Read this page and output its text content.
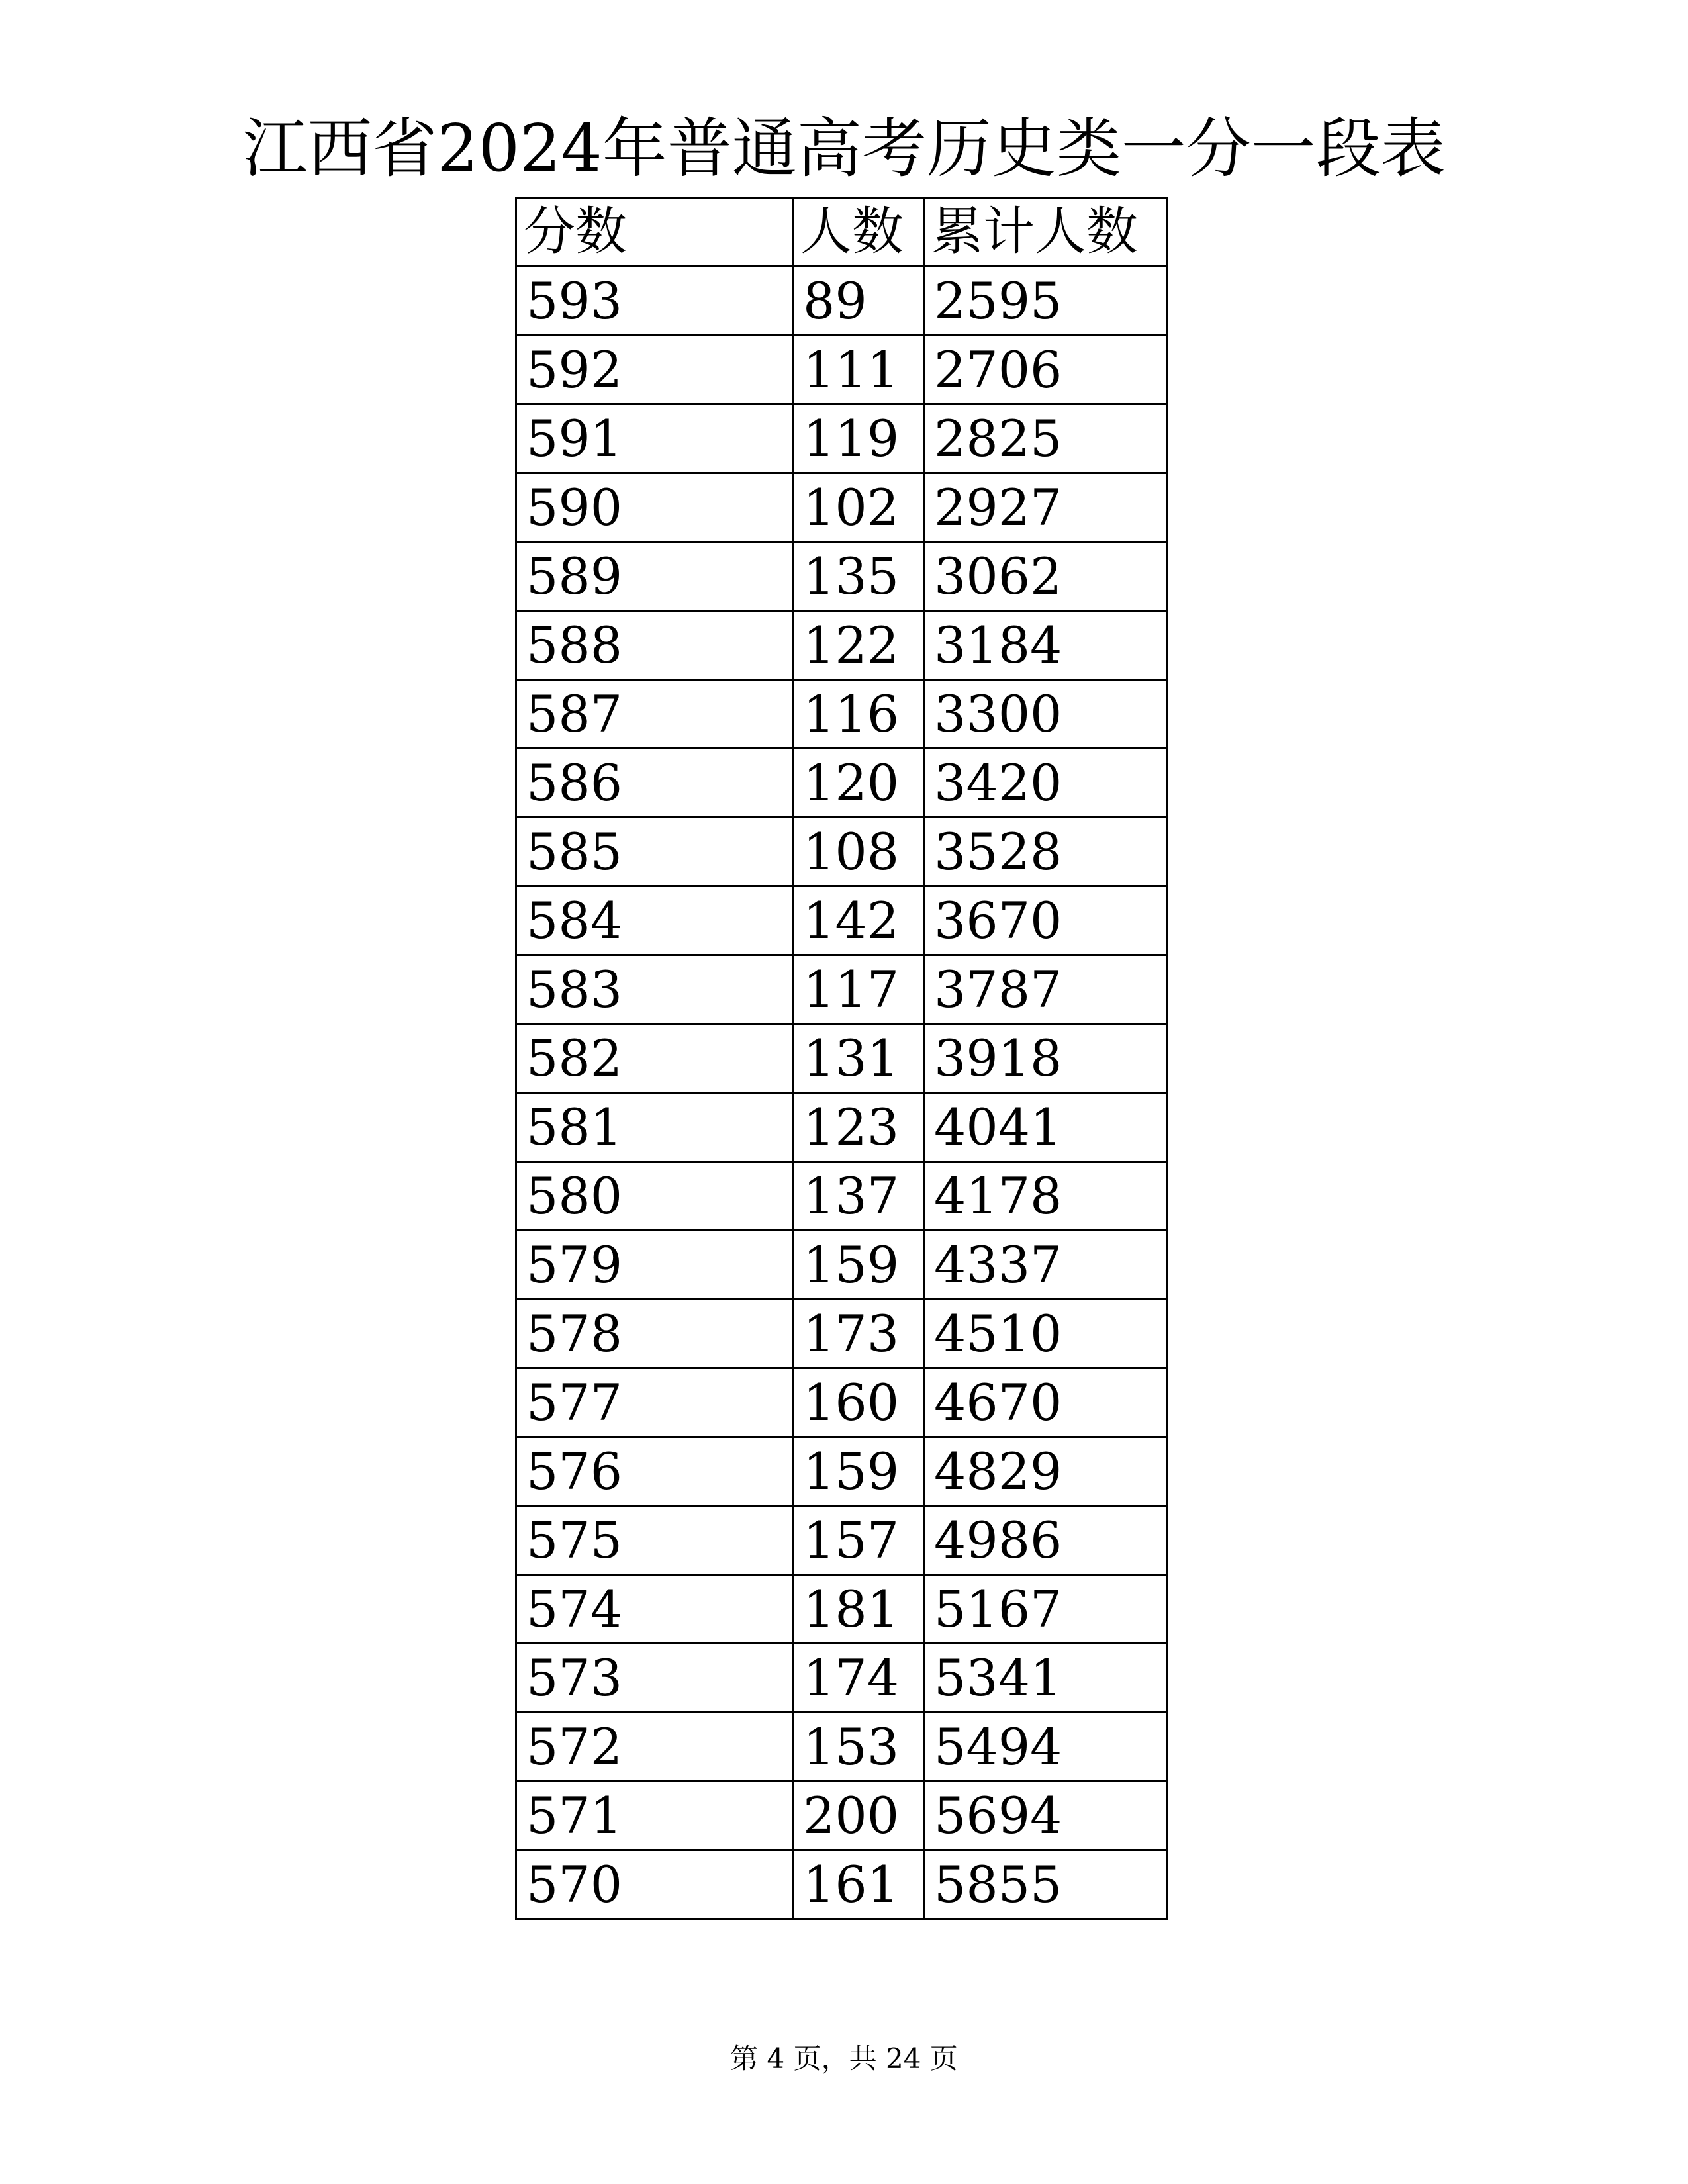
江西省2024年普通高考历史类一分一段表
分数	人数	累计人数
593	89	2595
592	111	2706
591	119	2825
590	102	2927
589	135	3062
588	122	3184
587	116	3300
586	120	3420
585	108	3528
584	142	3670
583	117	3787
582	131	3918
581	123	4041
580	137	4178
579	159	4337
578	173	4510
577	160	4670
576	159	4829
575	157	4986
574	181	5167
573	174	5341
572	153	5494
571	200	5694
570	161	5855
第 4 页，共 24 页
